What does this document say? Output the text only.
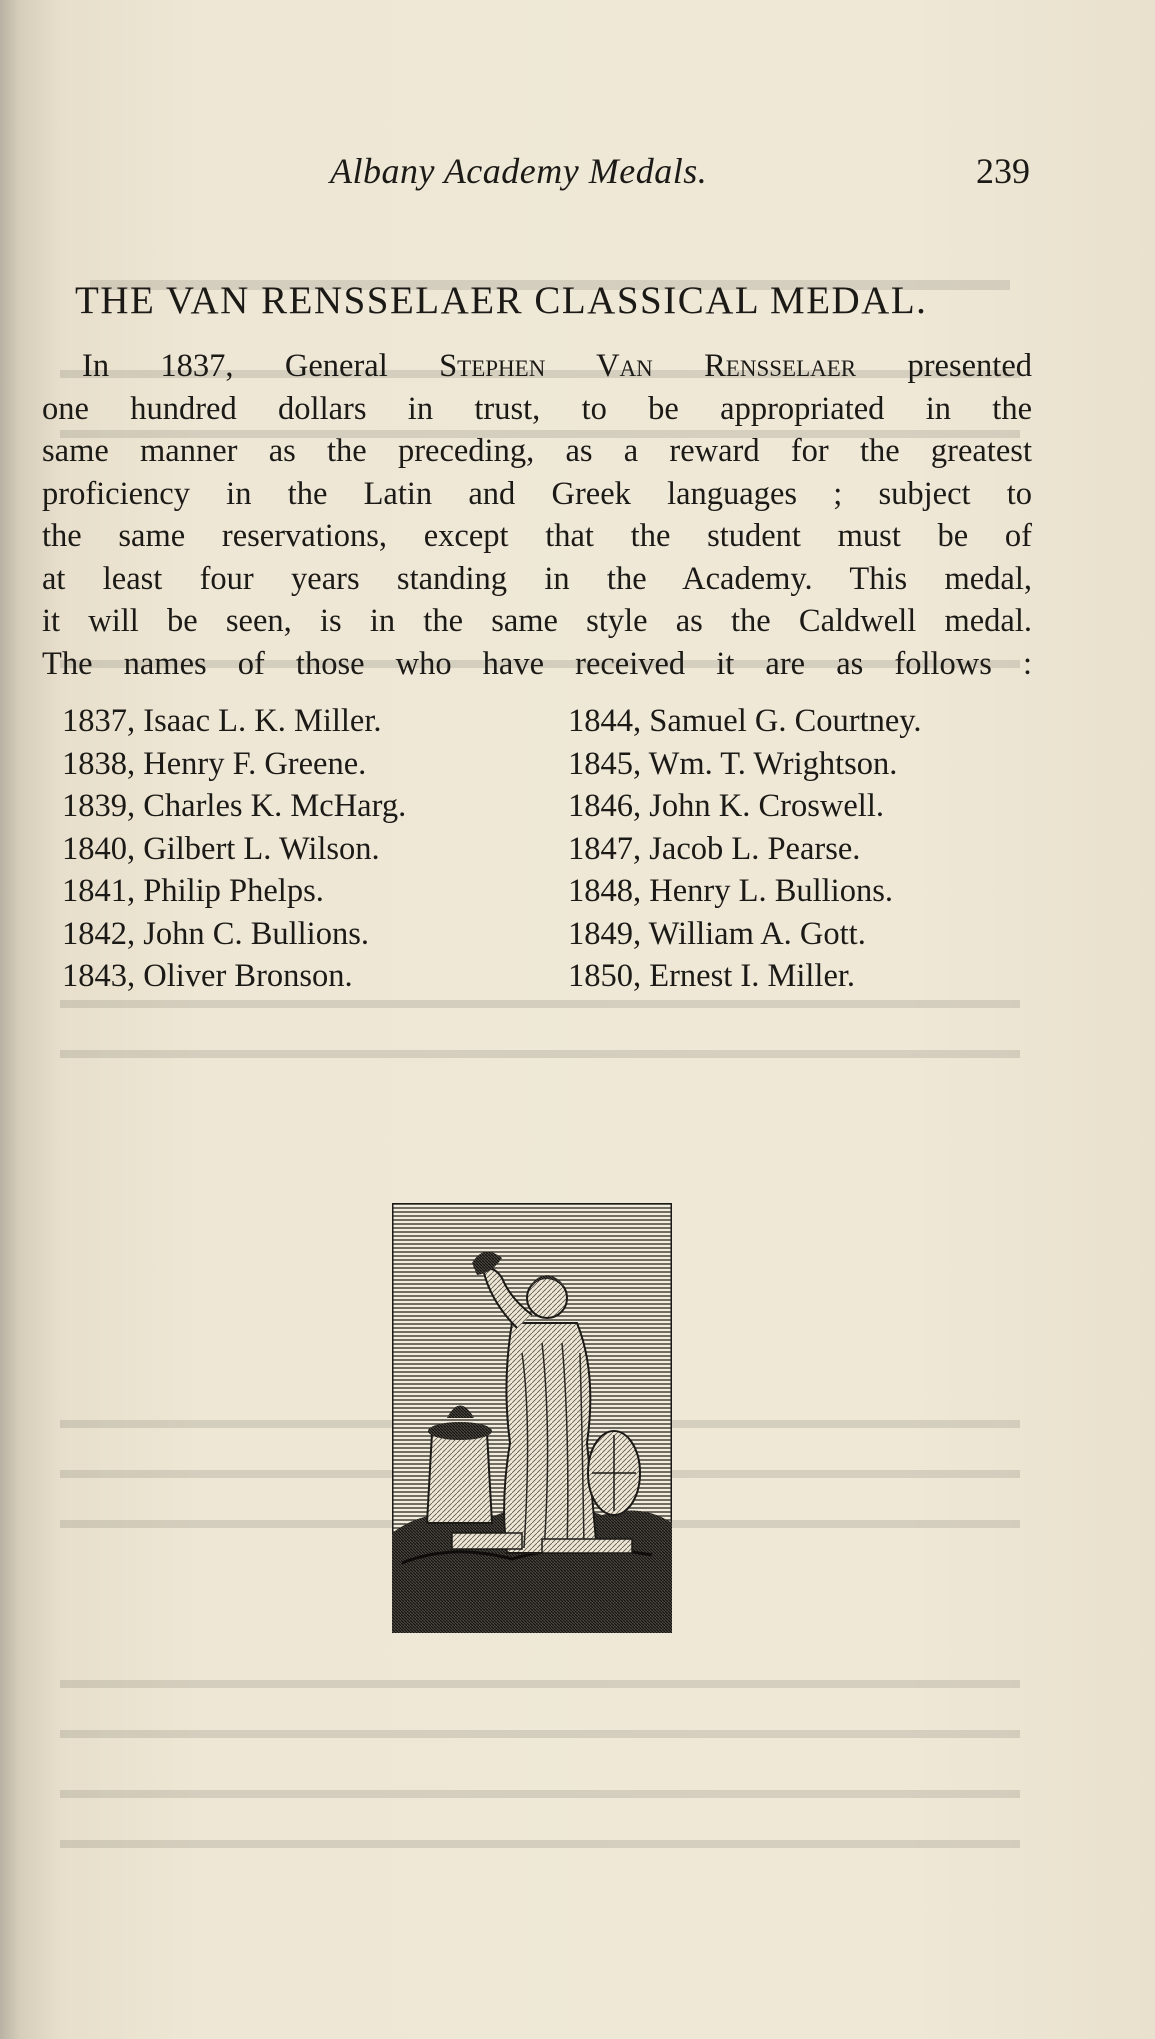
Albany Academy Medals.	239
THE VAN RENSSELAER CLASSICAL MEDAL.
In 1837, General Stephen Van Rensselaer presented
one hundred dollars in trust, to be appropriated in the
same manner as the preceding, as a reward for the greatest
proficiency in the Latin and Greek languages ; subject to
the same reservations, except that the student must be of
at least four years standing in the Academy. This medal,
it will be seen, is in the same style as the Caldwell medal.
The names of those who have received it are as follows :
1837, Isaac L. K. Miller.
1838, Henry F. Greene.
1839, Charles K. McHarg.
1840, Gilbert L. Wilson.
1841, Philip Phelps.
1842, John C. Bullions.
1843, Oliver Bronson.
1844, Samuel G. Courtney.
1845, Wm. T. Wrightson.
1846, John K. Croswell.
1847, Jacob L. Pearse.
1848, Henry L. Bullions.
1849, William A. Gott.
1850, Ernest I. Miller.
